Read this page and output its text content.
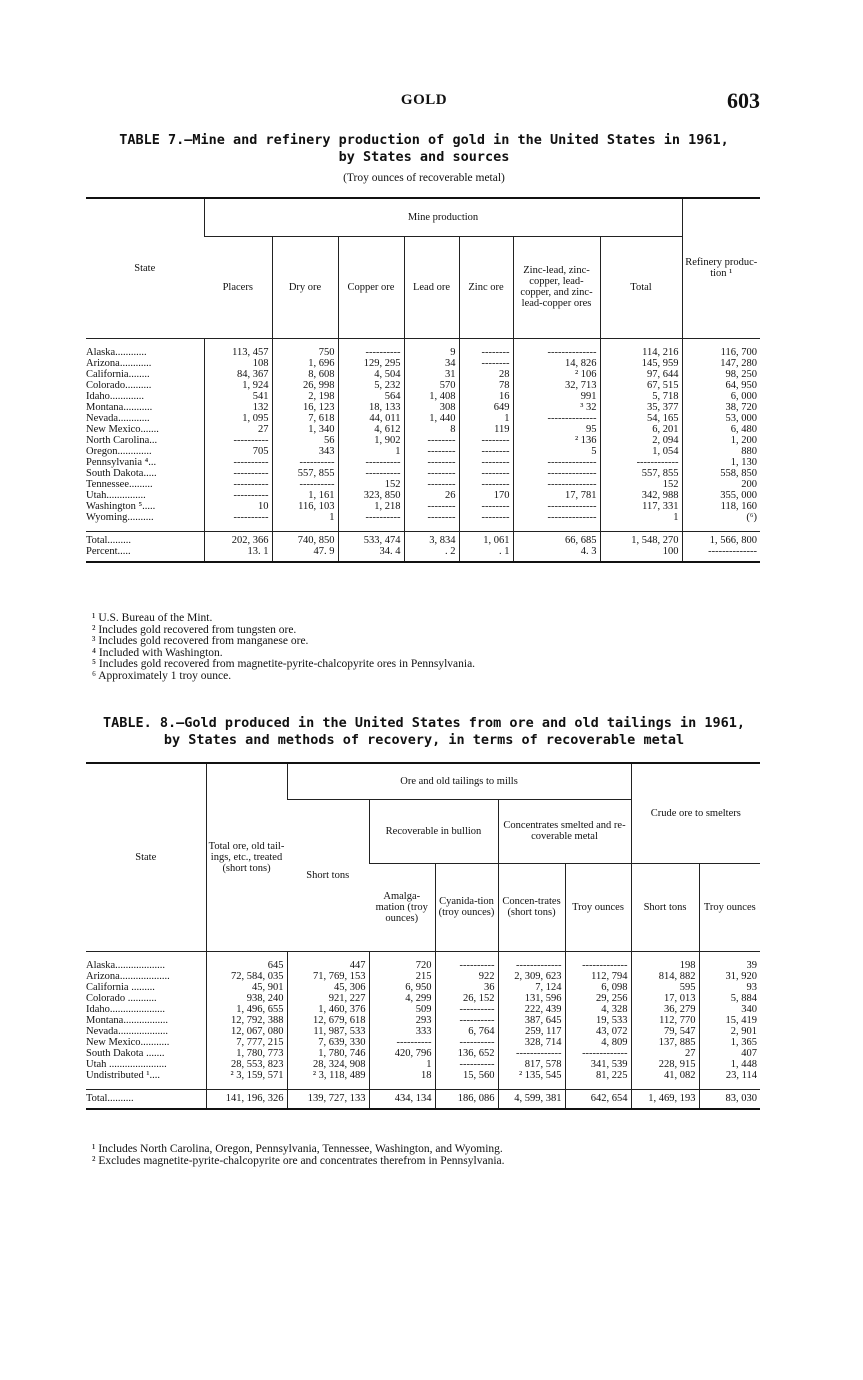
GOLD	603
TABLE 7.—Mine and refinery production of gold in the United States in 1961,
by States and sources
(Troy ounces of recoverable metal)
State	Mine production							Refinery produc-tion ¹
	Placers	Dry ore	Copper ore	Lead ore	Zinc ore	Zinc-lead, zinc-copper, lead-copper, and zinc-lead-copper ores	Total	

Alaska............	113, 457	750	----------	9	--------	--------------	114, 216	116, 700
Arizona............	108	1, 696	129, 295	34	--------	14, 826	145, 959	147, 280
California........	84, 367	8, 608	4, 504	31	28	² 106	97, 644	98, 250
Colorado..........	1, 924	26, 998	5, 232	570	78	32, 713	67, 515	64, 950
Idaho.............	541	2, 198	564	1, 408	16	991	5, 718	6, 000
Montana...........	132	16, 123	18, 133	308	649	³ 32	35, 377	38, 720
Nevada............	1, 095	7, 618	44, 011	1, 440	1	--------------	54, 165	53, 000
New Mexico.......	27	1, 340	4, 612	8	119	95	6, 201	6, 480
North Carolina...	----------	56	1, 902	--------	--------	² 136	2, 094	1, 200
Oregon.............	705	343	1	--------	--------	5	1, 054	880
Pennsylvania ⁴...	----------	----------	----------	--------	--------	--------------	------------	1, 130
South Dakota.....	----------	557, 855	----------	--------	--------	--------------	557, 855	558, 850
Tennessee.........	----------	----------	152	--------	--------	--------------	152	200
Utah...............	----------	1, 161	323, 850	26	170	17, 781	342, 988	355, 000
Washington ⁵.....	10	116, 103	1, 218	--------	--------	--------------	117, 331	118, 160
Wyoming..........	----------	1	----------	--------	--------	--------------	1	(⁶)

Total.........	202, 366	740, 850	533, 474	3, 834	1, 061	66, 685	1, 548, 270	1, 566, 800
Percent.....	13. 1	47. 9	34. 4	. 2	. 1	4. 3	100	--------------

¹ U.S. Bureau of the Mint.
² Includes gold recovered from tungsten ore.
³ Includes gold recovered from manganese ore.
⁴ Included with Washington.
⁵ Includes gold recovered from magnetite-pyrite-chalcopyrite ores in Pennsylvania.
⁶ Approximately 1 troy ounce.
TABLE. 8.—Gold produced in the United States from ore and old tailings in 1961,
by States and methods of recovery, in terms of recoverable metal
State	Total ore, old tail-ings, etc., treated (short tons)	Ore and old tailings to mills					Crude ore to smelters	
		Short tons	Recoverable in bullion		Concentrates smelted and re-coverable metal			
			Amalga-mation (troy ounces)	Cyanida-tion (troy ounces)	Concen-trates (short tons)	Troy ounces	Short tons	Troy ounces

Alaska...................	645	447	720	----------	-------------	-------------	198	39
Arizona...................	72, 584, 035	71, 769, 153	215	922	2, 309, 623	112, 794	814, 882	31, 920
California .........	45, 901	45, 306	6, 950	36	7, 124	6, 098	595	93
Colorado ...........	938, 240	921, 227	4, 299	26, 152	131, 596	29, 256	17, 013	5, 884
Idaho.....................	1, 496, 655	1, 460, 376	509	----------	222, 439	4, 328	36, 279	340
Montana.................	12, 792, 388	12, 679, 618	293	----------	387, 645	19, 533	112, 770	15, 419
Nevada...................	12, 067, 080	11, 987, 533	333	6, 764	259, 117	43, 072	79, 547	2, 901
New Mexico...........	7, 777, 215	7, 639, 330	----------	----------	328, 714	4, 809	137, 885	1, 365
South Dakota .......	1, 780, 773	1, 780, 746	420, 796	136, 652	-------------	-------------	27	407
Utah ......................	28, 553, 823	28, 324, 908	1	----------	817, 578	341, 539	228, 915	1, 448
Undistributed ¹....	² 3, 159, 571	² 3, 118, 489	18	15, 560	² 135, 545	81, 225	41, 082	23, 114

Total..........	141, 196, 326	139, 727, 133	434, 134	186, 086	4, 599, 381	642, 654	1, 469, 193	83, 030

¹ Includes North Carolina, Oregon, Pennsylvania, Tennessee, Washington, and Wyoming.
² Excludes magnetite-pyrite-chalcopyrite ore and concentrates therefrom in Pennsylvania.
